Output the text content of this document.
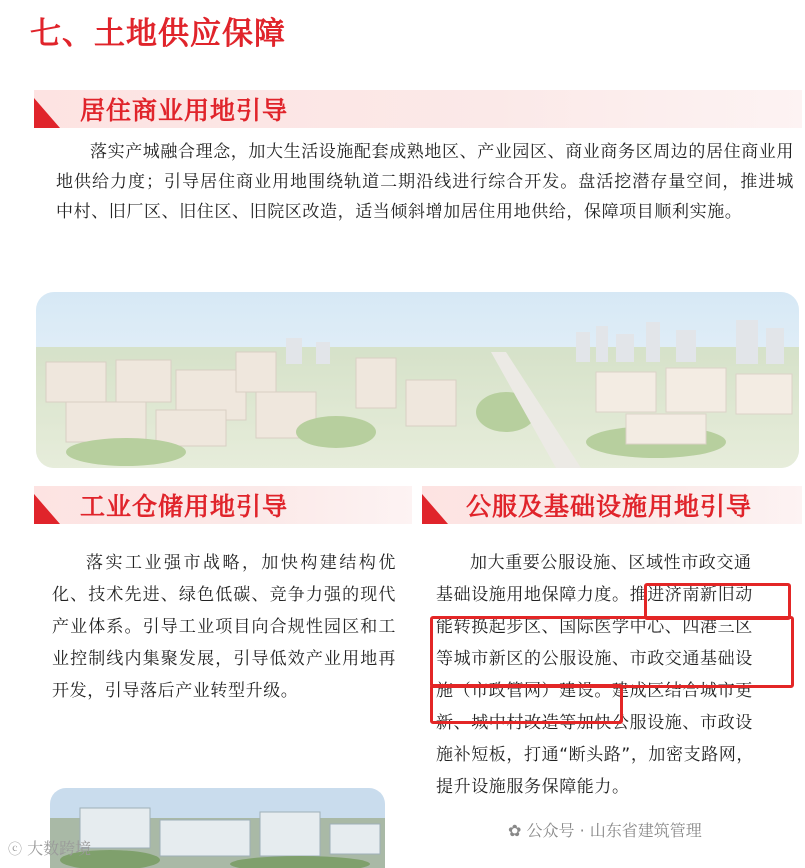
七、土地供应保障
居住商业用地引导
落实产城融合理念，加大生活设施配套成熟地区、产业园区、商业商务区周边的居住商业用地供给力度；引导居住商业用地围绕轨道二期沿线进行综合开发。盘活挖潜存量空间，推进城中村、旧厂区、旧住区、旧院区改造，适当倾斜增加居住用地供给，保障项目顺利实施。
工业仓储用地引导	公服及基础设施用地引导
落实工业强市战略，加快构建结构优化、技术先进、绿色低碳、竞争力强的现代产业体系。引导工业项目向合规性园区和工业控制线内集聚发展，引导低效产业用地再开发，引导落后产业转型升级。
加大重要公服设施、区域性市政交通
基础设施用地保障力度。推进济南新旧动
能转换起步区、国际医学中心、四港三区
等城市新区的公服设施、市政交通基础设
施（市政管网）建设。建成区结合城市更
新、城中村改造等加快公服设施、市政设
施补短板，打通“断头路”，加密支路网，
提升设施服务保障能力。
ⓒ 大数跨境
✿ 公众号 · 山东省建筑管理
